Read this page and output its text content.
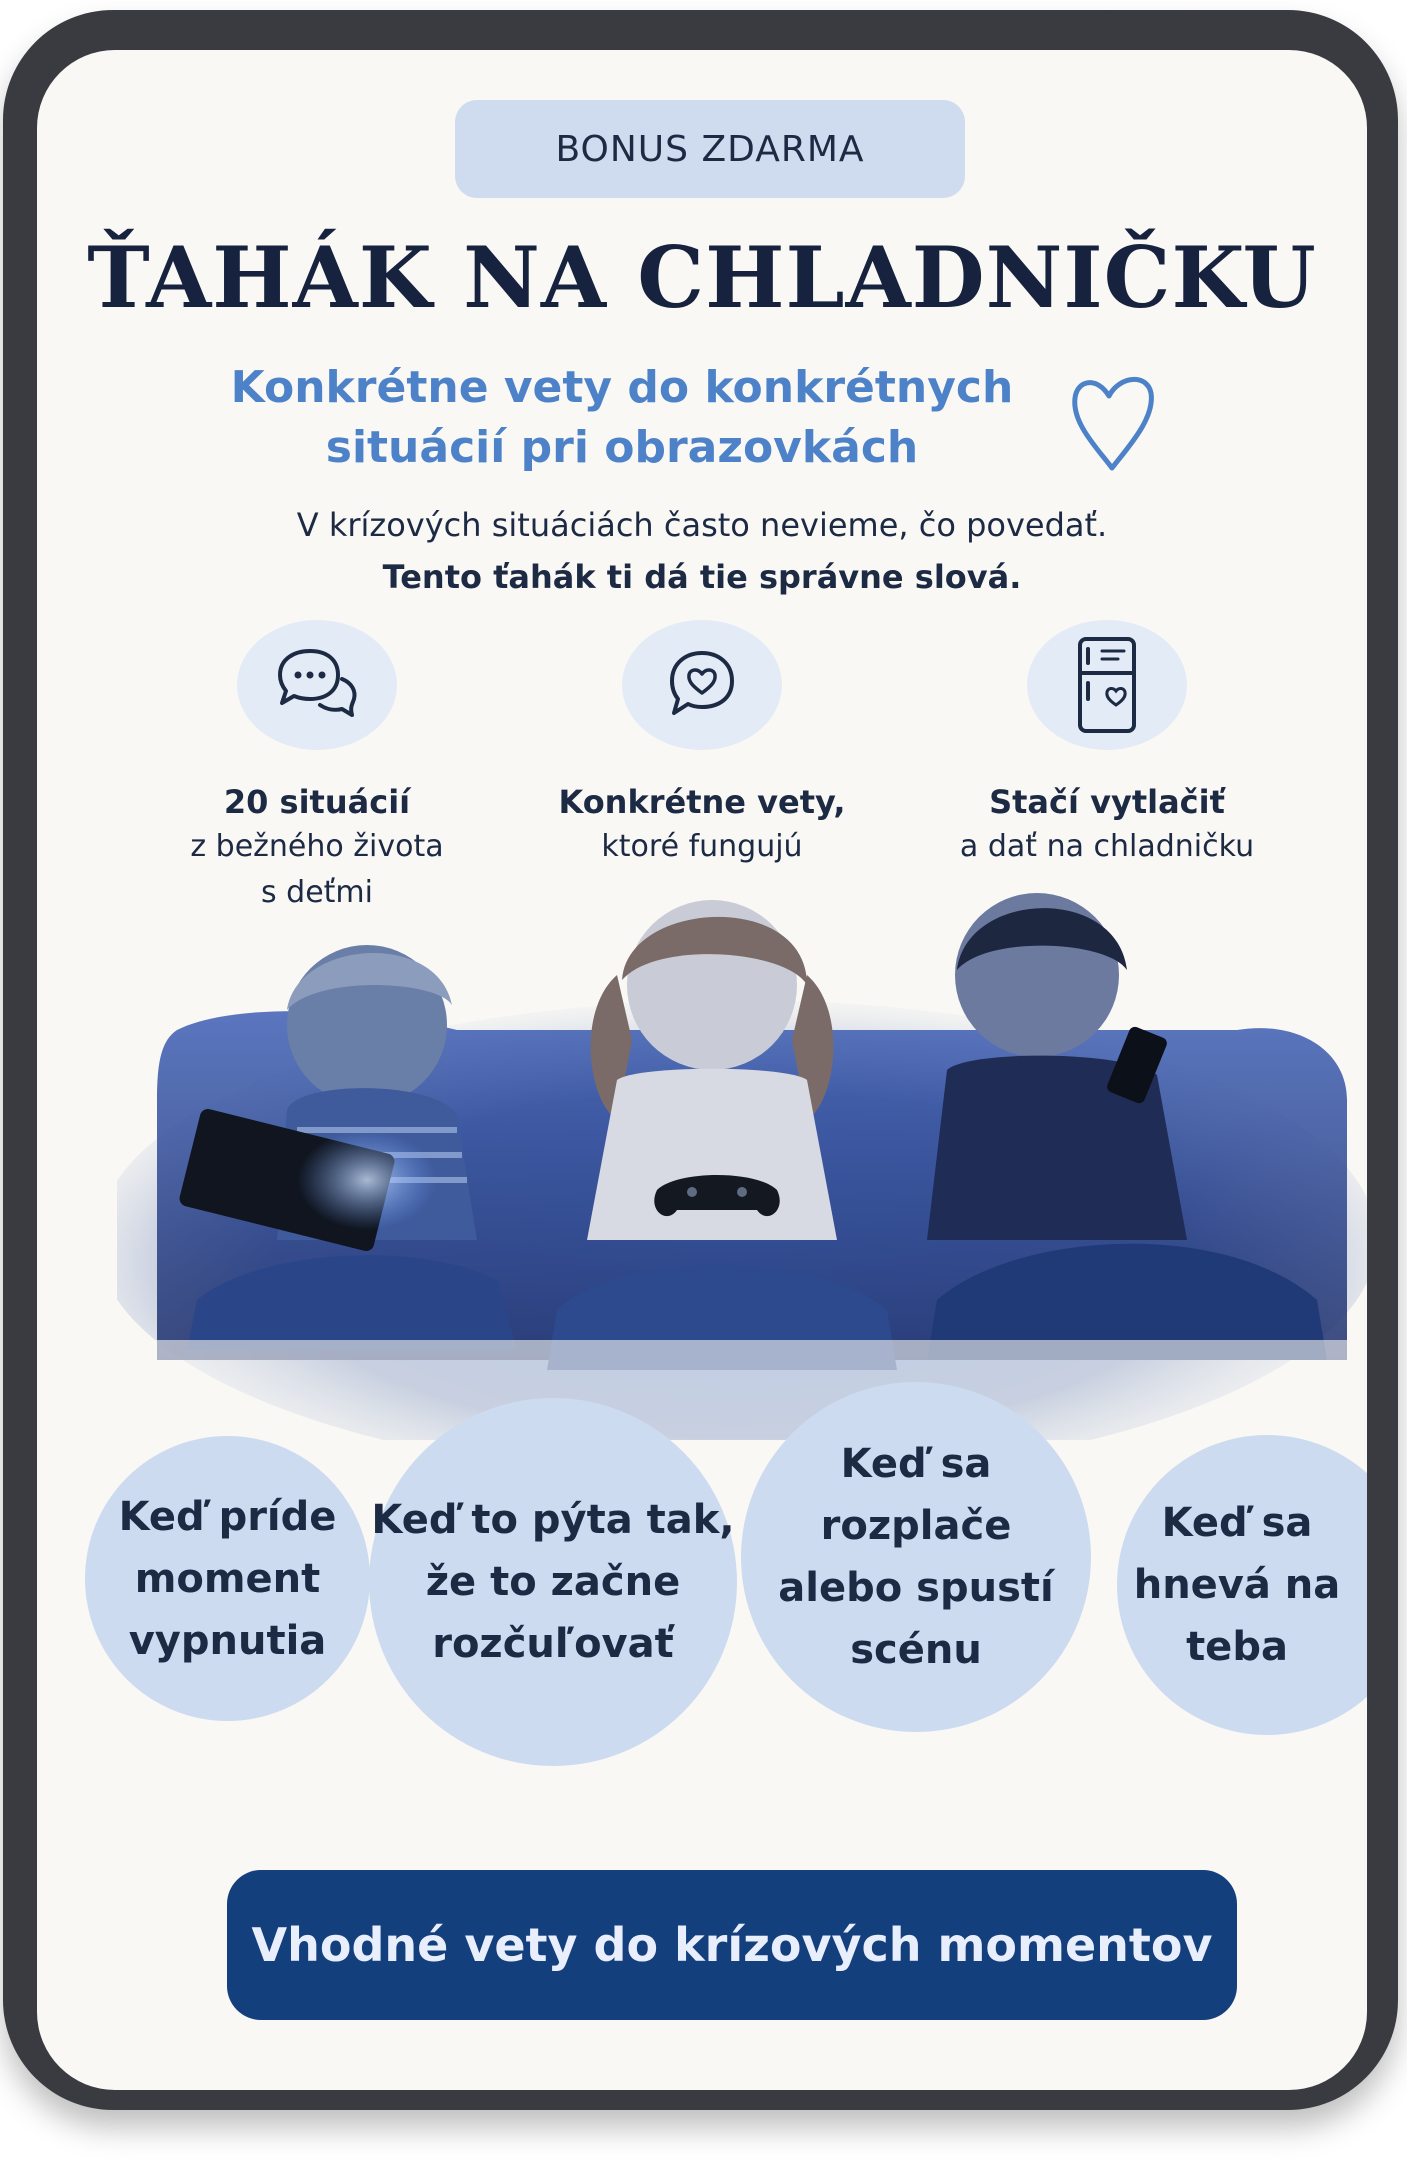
BONUS ZDARMA
ŤAHÁK NA CHLADNIČKU
Konkrétne vety do konkrétnych
situácií pri obrazovkách
V krízových situáciách často nevieme, čo povedať.
Tento ťahák ti dá tie správne slová.
20 situácií
z bežného života
s deťmi
Konkrétne vety,
ktoré fungujú
Stačí vytlačiť
a dať na chladničku
Keď príde
moment
vypnutia
Keď to pýta tak,
že to začne
rozčuľovať
Keď sa
rozplače
alebo spustí
scénu
Keď sa
hnevá na
teba
Vhodné vety do krízových momentov
